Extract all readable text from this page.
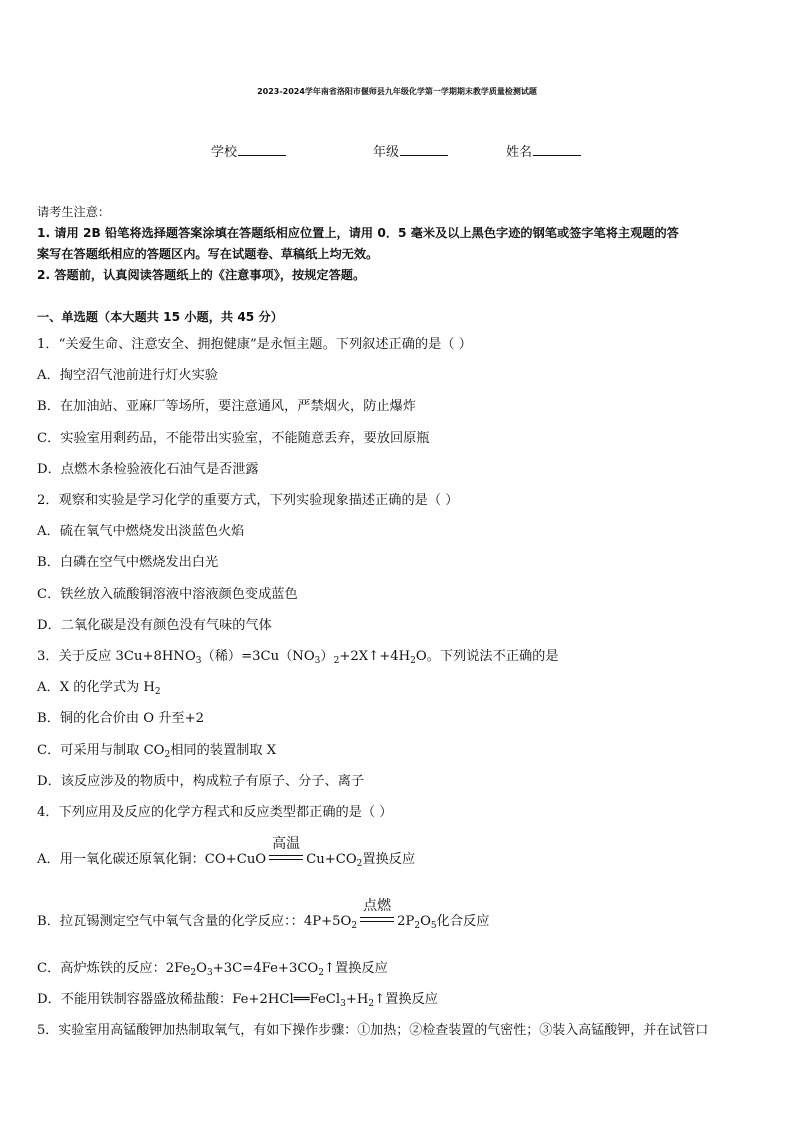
2023-2024学年南省洛阳市偃师县九年级化学第一学期期末教学质量检测试题
学校	年级	姓名
请考生注意：
1. 请用 2B 铅笔将选择题答案涂填在答题纸相应位置上，请用 0．5 毫米及以上黑色字迹的钢笔或签字笔将主观题的答
案写在答题纸相应的答题区内。写在试题卷、草稿纸上均无效。
2. 答题前，认真阅读答题纸上的《注意事项》，按规定答题。
一、单选题（本大题共 15 小题，共 45 分）
1．“关爱生命、注意安全、拥抱健康”是永恒主题。下列叙述正确的是（ ）
A．掏空沼气池前进行灯火实验
B．在加油站、亚麻厂等场所，要注意通风，严禁烟火，防止爆炸
C．实验室用剩药品，不能带出实验室，不能随意丢弃，要放回原瓶
D．点燃木条检验液化石油气是否泄露
2．观察和实验是学习化学的重要方式，下列实验现象描述正确的是（ ）
A．硫在氧气中燃烧发出淡蓝色火焰
B．白磷在空气中燃烧发出白光
C．铁丝放入硫酸铜溶液中溶液颜色变成蓝色
D．二氧化碳是没有颜色没有气味的气体
3．关于反应 $3Cu+8HNO_3$（稀）$=3Cu(NO_3)_2+2X↑+4H_2O$。下列说法不正确的是
A．X 的化学式为 $H_2$
B．铜的化合价由 O 升至+2
C．可采用与制取 $CO_2$相同的装置制取 X
D．该反应涉及的物质中，构成粒子有原子、分子、离子
4．下列应用及反应的化学方程式和反应类型都正确的是（ ）
A．用一氧化碳还原氧化铜：CO+CuO
高温
$Cu+CO_2$置换反应
B．拉瓦锡测定空气中氧气含量的化学反应：：$4P+5O_2$
点燃
$2P_2O_5$化合反应
C．高炉炼铁的反应：$2Fe_2O_3+3C=4Fe+3CO_2↑$置换反应
D．不能用铁制容器盛放稀盐酸：$Fe+2HCl══FeCl_3+H_2↑$置换反应
5．实验室用高锰酸钾加热制取氧气，有如下操作步骤：①加热；②检查装置的气密性；③装入高锰酸钾，并在试管口
